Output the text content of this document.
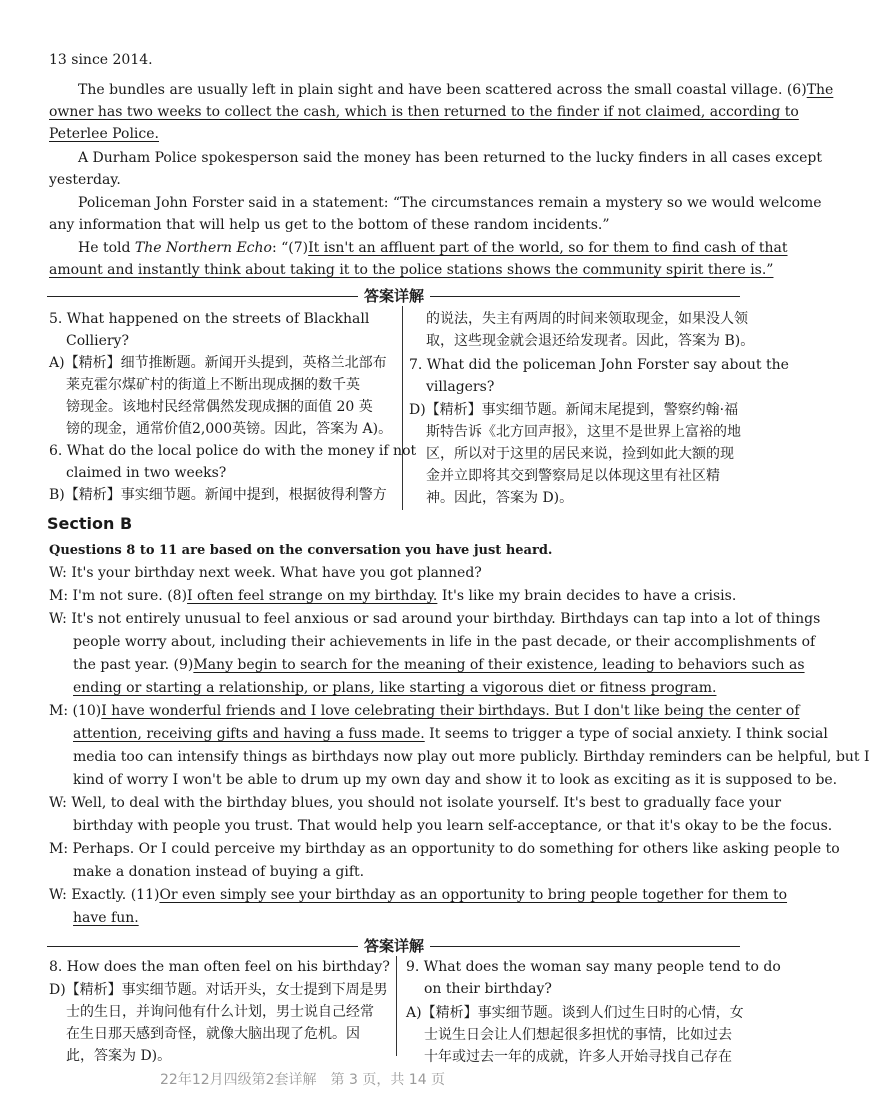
13 since 2014.
The bundles are usually left in plain sight and have been scattered across the small coastal village. (6)The
owner has two weeks to collect the cash, which is then returned to the finder if not claimed, according to
Peterlee Police.
A Durham Police spokesperson said the money has been returned to the lucky finders in all cases except
yesterday.
Policeman John Forster said in a statement: “The circumstances remain a mystery so we would welcome
any information that will help us get to the bottom of these random incidents.”
He told The Northern Echo: “(7)It isn't an affluent part of the world, so for them to find cash of that
amount and instantly think about taking it to the police stations shows the community spirit there is.”
答案详解
5. What happened on the streets of Blackhall
Colliery?
A)【精析】细节推断题。新闻开头提到，英格兰北部布
莱克霍尔煤矿村的街道上不断出现成捆的数千英
镑现金。该地村民经常偶然发现成捆的面值 20 英
镑的现金，通常价值2,000英镑。因此，答案为 A)。
6. What do the local police do with the money if not
claimed in two weeks?
B)【精析】事实细节题。新闻中提到，根据彼得利警方
的说法，失主有两周的时间来领取现金，如果没人领
取，这些现金就会退还给发现者。因此，答案为 B)。
7. What did the policeman John Forster say about the
villagers?
D)【精析】事实细节题。新闻末尾提到，警察约翰·福
斯特告诉《北方回声报》，这里不是世界上富裕的地
区，所以对于这里的居民来说，捡到如此大额的现
金并立即将其交到警察局足以体现这里有社区精
神。因此，答案为 D)。
Section B
Questions 8 to 11 are based on the conversation you have just heard.
W: It's your birthday next week. What have you got planned?
M: I'm not sure. (8)I often feel strange on my birthday. It's like my brain decides to have a crisis.
W: It's not entirely unusual to feel anxious or sad around your birthday. Birthdays can tap into a lot of things
people worry about, including their achievements in life in the past decade, or their accomplishments of
the past year. (9)Many begin to search for the meaning of their existence, leading to behaviors such as
ending or starting a relationship, or plans, like starting a vigorous diet or fitness program.
M: (10)I have wonderful friends and I love celebrating their birthdays. But I don't like being the center of
attention, receiving gifts and having a fuss made. It seems to trigger a type of social anxiety. I think social
media too can intensify things as birthdays now play out more publicly. Birthday reminders can be helpful, but I
kind of worry I won't be able to drum up my own day and show it to look as exciting as it is supposed to be.
W: Well, to deal with the birthday blues, you should not isolate yourself. It's best to gradually face your
birthday with people you trust. That would help you learn self-acceptance, or that it's okay to be the focus.
M: Perhaps. Or I could perceive my birthday as an opportunity to do something for others like asking people to
make a donation instead of buying a gift.
W: Exactly. (11)Or even simply see your birthday as an opportunity to bring people together for them to
have fun.
答案详解
8. How does the man often feel on his birthday?
D)【精析】事实细节题。对话开头，女士提到下周是男
士的生日，并询问他有什么计划，男士说自己经常
在生日那天感到奇怪，就像大脑出现了危机。因
此，答案为 D)。
9. What does the woman say many people tend to do
on their birthday?
A)【精析】事实细节题。谈到人们过生日时的心情，女
士说生日会让人们想起很多担忧的事情，比如过去
十年或过去一年的成就，许多人开始寻找自己存在
22年12月四级第2套详解　第 3 页，共 14 页
